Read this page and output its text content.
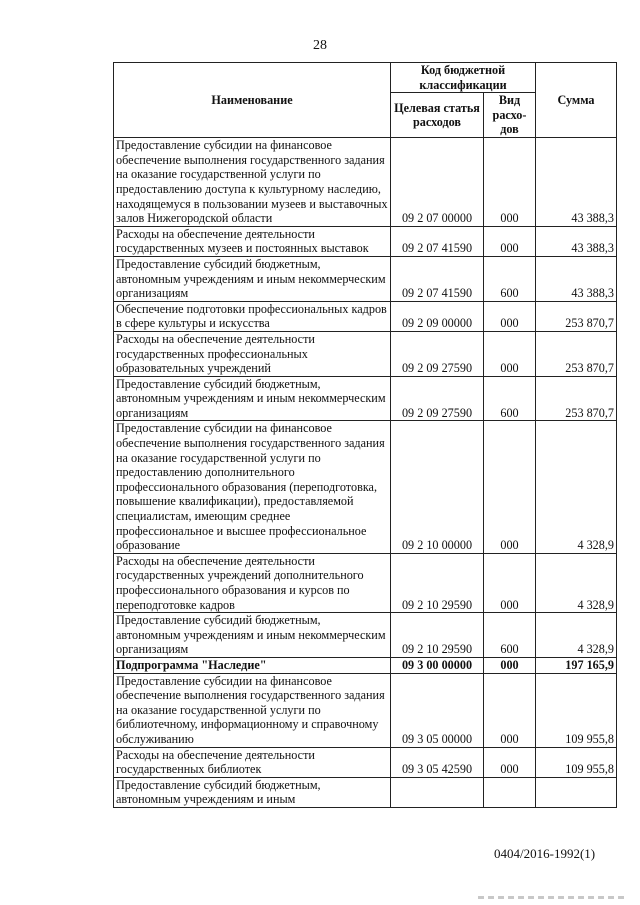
28
Наименование	Код бюджетной классификации		Сумма
	Целевая статья расходов	Вид расхо-дов	
Предоставление субсидии на финансовое обеспечение выполнения государственного задания на оказание государственной услуги по предоставлению доступа к культурному наследию, находящемуся в пользовании музеев и выставочных залов Нижегородской области	09 2 07 00000	000	43 388,3
Расходы на обеспечение деятельности государственных музеев и постоянных выставок	09 2 07 41590	000	43 388,3
Предоставление субсидий бюджетным, автономным учреждениям и иным некоммерческим организациям	09 2 07 41590	600	43 388,3
Обеспечение подготовки профессиональных кадров в сфере культуры и искусства	09 2 09 00000	000	253 870,7
Расходы на обеспечение деятельности государственных профессиональных образовательных учреждений	09 2 09 27590	000	253 870,7
Предоставление субсидий бюджетным, автономным учреждениям и иным некоммерческим организациям	09 2 09 27590	600	253 870,7
Предоставление субсидии на финансовое обеспечение выполнения государственного задания на оказание государственной услуги по предоставлению дополнительного профессионального образования (переподготовка, повышение квалификации), предоставляемой специалистам, имеющим среднее профессиональное и высшее профессиональное образование	09 2 10 00000	000	4 328,9
Расходы на обеспечение деятельности государственных учреждений дополнительного профессионального образования и курсов по переподготовке кадров	09 2 10 29590	000	4 328,9
Предоставление субсидий бюджетным, автономным учреждениям и иным некоммерческим организациям	09 2 10 29590	600	4 328,9
Подпрограмма "Наследие"	09 3 00 00000	000	197 165,9
Предоставление субсидии на финансовое обеспечение выполнения государственного задания на оказание государственной услуги по библиотечному, информационному и справочному обслуживанию	09 3 05 00000	000	109 955,8
Расходы на обеспечение деятельности государственных библиотек	09 3 05 42590	000	109 955,8
Предоставление субсидий бюджетным, автономным учреждениям и иным			
0404/2016-1992(1)
